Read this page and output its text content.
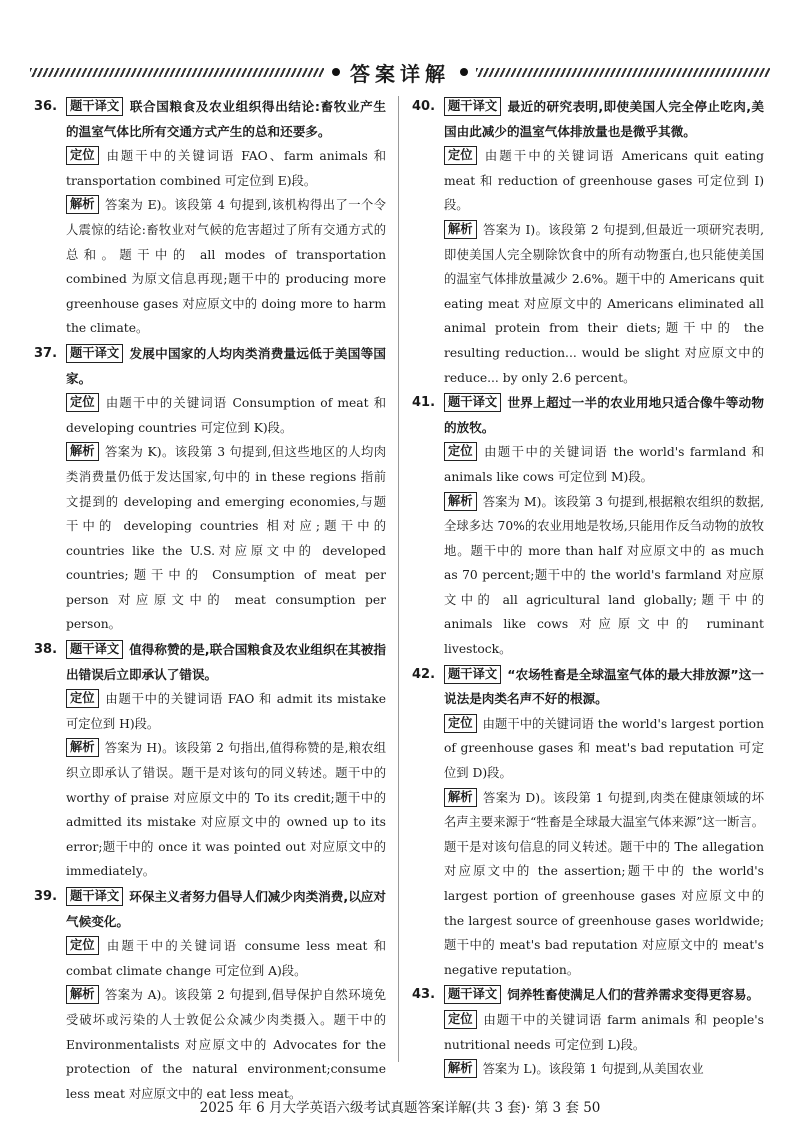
答案详解
36.	题干译文 联合国粮食及农业组织得出结论:畜牧业产生的温室气体比所有交通方式产生的总和还要多。

定位 由题干中的关键词语 FAO、farm animals 和 transportation combined 可定位到 E)段。

解析 答案为 E)。该段第 4 句提到,该机构得出了一个令人震惊的结论:畜牧业对气候的危害超过了所有交通方式的总和。题干中的 all modes of transportation combined 为原文信息再现;题干中的 producing more greenhouse gases 对应原文中的 doing more to harm the climate。

37.	题干译文 发展中国家的人均肉类消费量远低于美国等国家。

定位 由题干中的关键词语 Consumption of meat 和 developing countries 可定位到 K)段。

解析 答案为 K)。该段第 3 句提到,但这些地区的人均肉类消费量仍低于发达国家,句中的 in these regions 指前文提到的 developing and emerging economies,与题干中的 developing countries 相对应;题干中的 countries like the U.S.对应原文中的 developed countries;题干中的 Consumption of meat per person 对应原文中的 meat consumption per person。

38.	题干译文 值得称赞的是,联合国粮食及农业组织在其被指出错误后立即承认了错误。

定位 由题干中的关键词语 FAO 和 admit its mistake 可定位到 H)段。

解析 答案为 H)。该段第 2 句指出,值得称赞的是,粮农组织立即承认了错误。题干是对该句的同义转述。题干中的 worthy of praise 对应原文中的 To its credit;题干中的 admitted its mistake 对应原文中的 owned up to its error;题干中的 once it was pointed out 对应原文中的 immediately。

39.	题干译文 环保主义者努力倡导人们减少肉类消费,以应对气候变化。

定位 由题干中的关键词语 consume less meat 和 combat climate change 可定位到 A)段。

解析 答案为 A)。该段第 2 句提到,倡导保护自然环境免受破坏或污染的人士敦促公众减少肉类摄入。题干中的 Environmentalists 对应原文中的 Advocates for the protection of the natural environment;consume less meat 对应原文中的 eat less meat。

40.	题干译文 最近的研究表明,即使美国人完全停止吃肉,美国由此减少的温室气体排放量也是微乎其微。

定位 由题干中的关键词语 Americans quit eating meat 和 reduction of greenhouse gases 可定位到 I)段。

解析 答案为 I)。该段第 2 句提到,但最近一项研究表明,即使美国人完全剔除饮食中的所有动物蛋白,也只能使美国的温室气体排放量减少 2.6%。题干中的 Americans quit eating meat 对应原文中的 Americans eliminated all animal protein from their diets;题干中的 the resulting reduction... would be slight 对应原文中的 reduce... by only 2.6 percent。

41.	题干译文 世界上超过一半的农业用地只适合像牛等动物的放牧。

定位 由题干中的关键词语 the world's farmland 和 animals like cows 可定位到 M)段。

解析 答案为 M)。该段第 3 句提到,根据粮农组织的数据,全球多达 70%的农业用地是牧场,只能用作反刍动物的放牧地。题干中的 more than half 对应原文中的 as much as 70 percent;题干中的 the world's farmland 对应原文中的 all agricultural land globally;题干中的 animals like cows 对应原文中的 ruminant livestock。

42.	题干译文 “农场牲畜是全球温室气体的最大排放源”这一说法是肉类名声不好的根源。

定位 由题干中的关键词语 the world's largest portion of greenhouse gases 和 meat's bad reputation 可定位到 D)段。

解析 答案为 D)。该段第 1 句提到,肉类在健康领域的坏名声主要来源于“牲畜是全球最大温室气体来源”这一断言。题干是对该句信息的同义转述。题干中的 The allegation 对应原文中的 the assertion;题干中的 the world's largest portion of greenhouse gases 对应原文中的 the largest source of greenhouse gases worldwide;题干中的 meat's bad reputation 对应原文中的 meat's negative reputation。

43.	题干译文 饲养牲畜使满足人们的营养需求变得更容易。

定位 由题干中的关键词语 farm animals 和 people's nutritional needs 可定位到 L)段。

解析 答案为 L)。该段第 1 句提到,从美国农业

2025 年 6 月大学英语六级考试真题答案详解(共 3 套)· 第 3 套 50
